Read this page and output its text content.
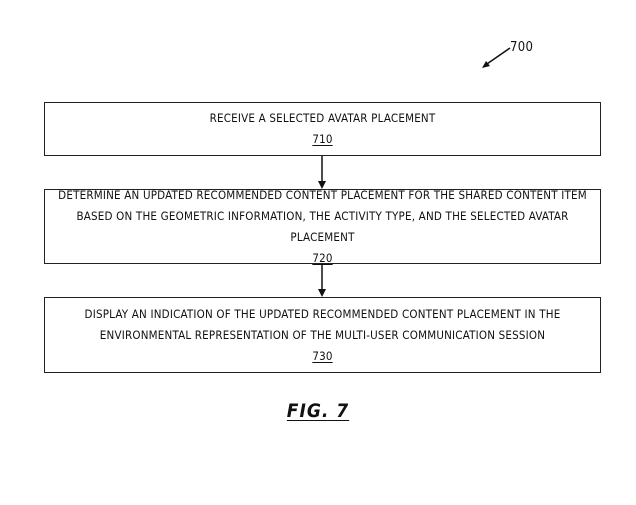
700
RECEIVE A SELECTED AVATAR PLACEMENT
710
DETERMINE AN UPDATED RECOMMENDED CONTENT PLACEMENT FOR THE SHARED CONTENT ITEM
BASED ON THE GEOMETRIC INFORMATION, THE ACTIVITY TYPE, AND THE SELECTED AVATAR PLACEMENT
720
DISPLAY AN INDICATION OF THE UPDATED RECOMMENDED CONTENT PLACEMENT IN THE
ENVIRONMENTAL REPRESENTATION OF THE MULTI-USER COMMUNICATION SESSION
730
FIG. 7
